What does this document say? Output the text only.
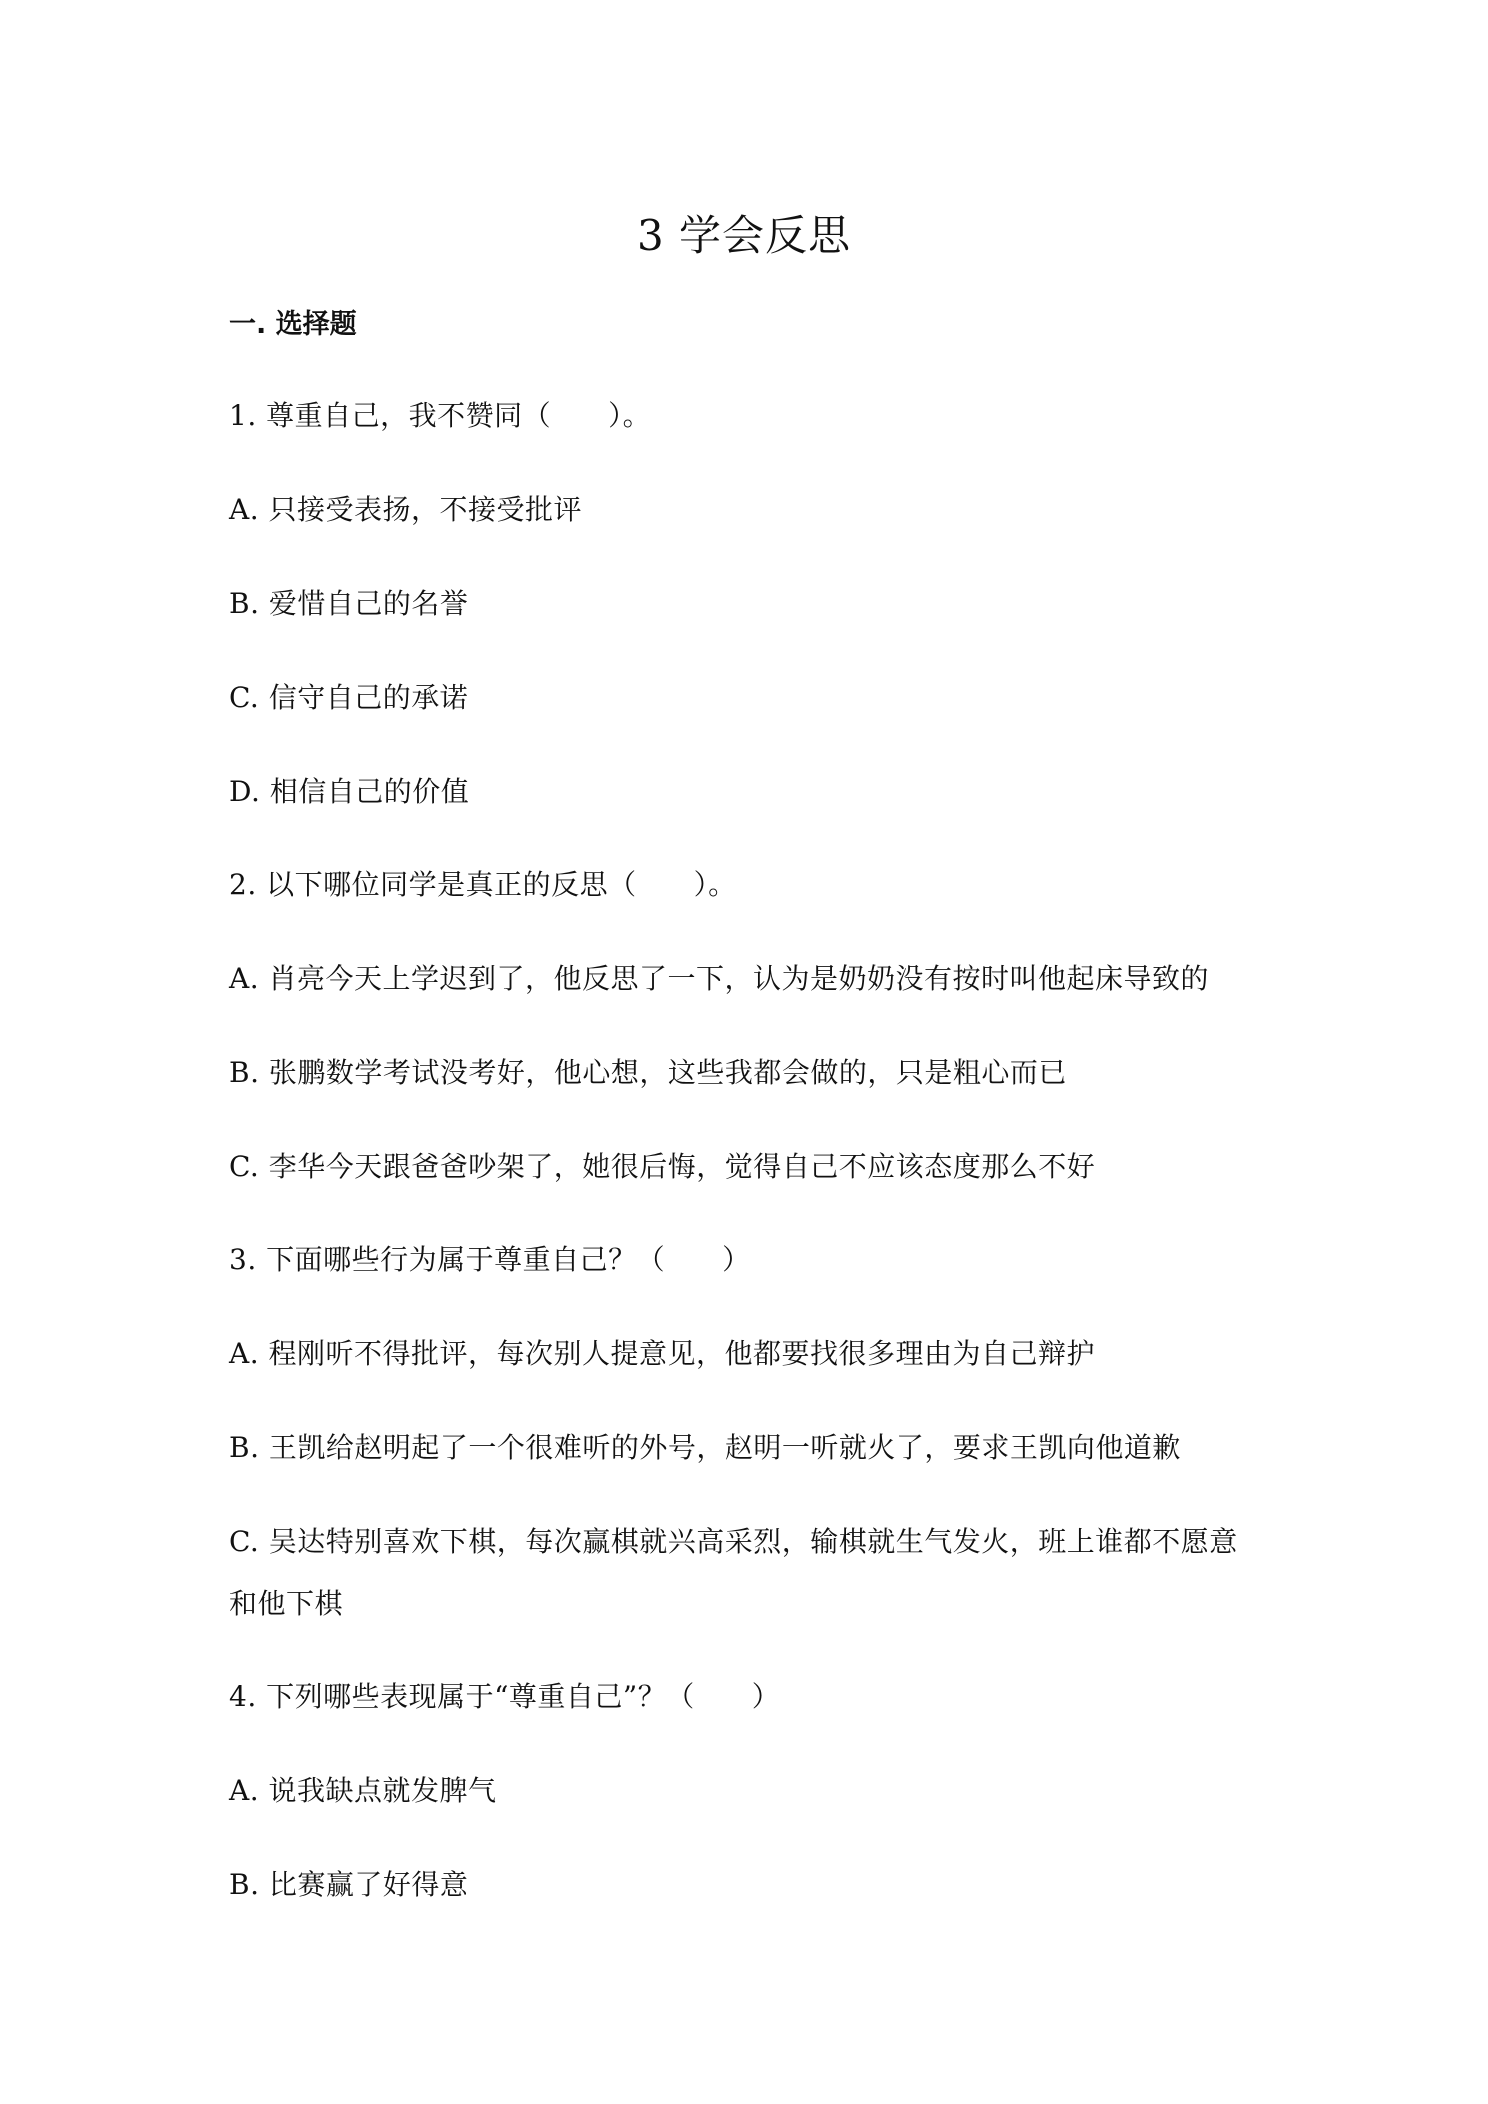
3 学会反思
一. 选择题
1. 尊重自己，我不赞同（　　）。
A. 只接受表扬，不接受批评
B. 爱惜自己的名誉
C. 信守自己的承诺
D. 相信自己的价值
2. 以下哪位同学是真正的反思（　　）。
A. 肖亮今天上学迟到了，他反思了一下，认为是奶奶没有按时叫他起床导致的
B. 张鹏数学考试没考好，他心想，这些我都会做的，只是粗心而已
C. 李华今天跟爸爸吵架了，她很后悔，觉得自己不应该态度那么不好
3. 下面哪些行为属于尊重自己？（　　）
A. 程刚听不得批评，每次别人提意见，他都要找很多理由为自己辩护
B. 王凯给赵明起了一个很难听的外号，赵明一听就火了，要求王凯向他道歉
C. 吴达特别喜欢下棋，每次赢棋就兴高采烈，输棋就生气发火，班上谁都不愿意和他下棋
4. 下列哪些表现属于“尊重自己”？（　　）
A. 说我缺点就发脾气
B. 比赛赢了好得意
